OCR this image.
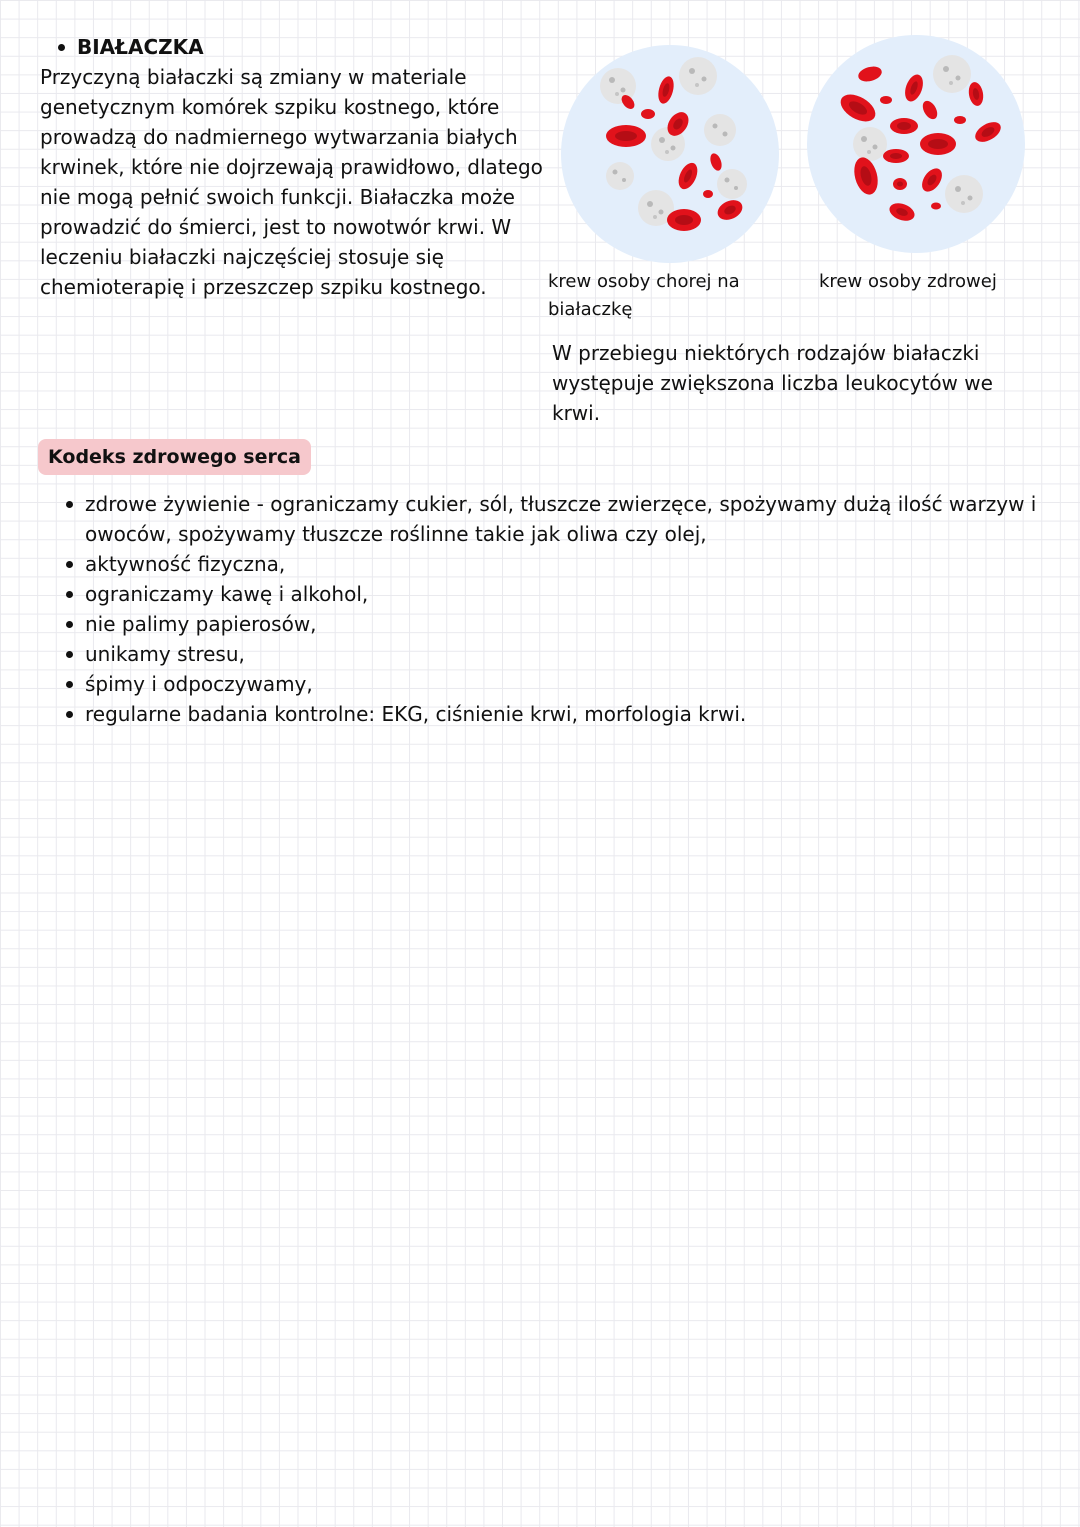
BIAŁACZKA
Przyczyną białaczki są zmiany w materiale
genetycznym komórek szpiku kostnego, które
prowadzą do nadmiernego wytwarzania białych
krwinek, które nie dojrzewają prawidłowo, dlatego
nie mogą pełnić swoich funkcji. Białaczka może
prowadzić do śmierci, jest to nowotwór krwi. W
leczeniu białaczki najczęściej stosuje się
chemioterapię i przeszczep szpiku kostnego.	krew osoby chorej na białaczkę
krew osoby zdrowej
W przebiegu niektórych rodzajów białaczki
występuje zwiększona liczba leukocytów we
krwi.
Kodeks zdrowego serca
zdrowe żywienie - ograniczamy cukier, sól, tłuszcze zwierzęce, spożywamy dużą ilość warzyw i
owoców, spożywamy tłuszcze roślinne takie jak oliwa czy olej,
aktywność fizyczna,
ograniczamy kawę i alkohol,
nie palimy papierosów,
unikamy stresu,
śpimy i odpoczywamy,
regularne badania kontrolne: EKG, ciśnienie krwi, morfologia krwi.
